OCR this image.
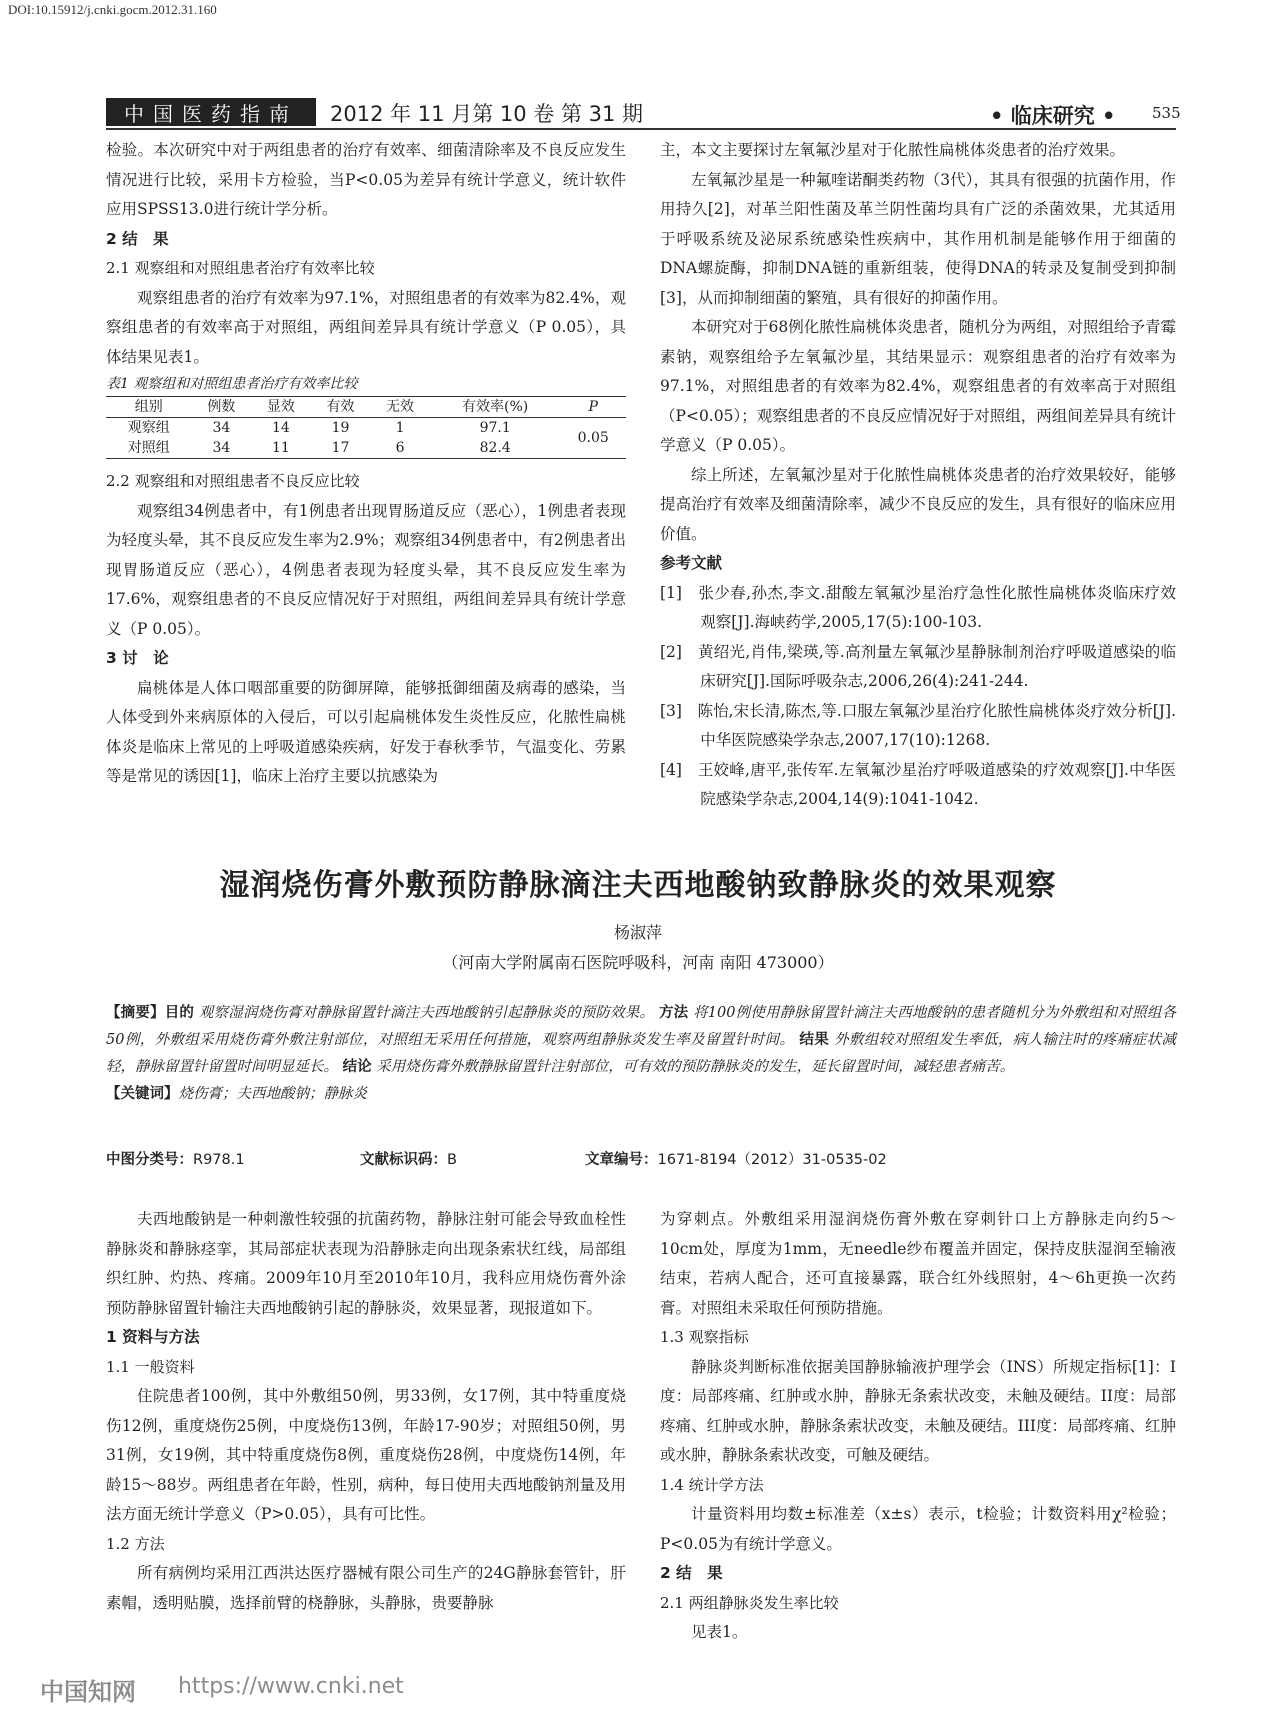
DOI:10.15912/j.cnki.gocm.2012.31.160
中国医药指南	2012 年 11 月第 10 卷 第 31 期	• 临床研究 • 535

检验。本次研究中对于两组患者的治疗有效率、细菌清除率及不良反应发生情况进行比较，采用卡方检验，当P<0.05为差异有统计学意义，统计软件应用SPSS13.0进行统计学分析。

2 结　果

2.1 观察组和对照组患者治疗有效率比较

观察组患者的治疗有效率为97.1%，对照组患者的有效率为82.4%，观察组患者的有效率高于对照组，两组间差异具有统计学意义（P 0.05），具体结果见表1。

表1 观察组和对照组患者治疗有效率比较

组别	例数	显效	有效	无效	有效率(%)	P
观察组	34	14	19	1	97.1	0.05
对照组	34	11	17	6	82.4	

2.2 观察组和对照组患者不良反应比较

观察组34例患者中，有1例患者出现胃肠道反应（恶心），1例患者表现为轻度头晕，其不良反应发生率为2.9%；观察组34例患者中，有2例患者出现胃肠道反应（恶心），4例患者表现为轻度头晕，其不良反应发生率为17.6%，观察组患者的不良反应情况好于对照组，两组间差异具有统计学意义（P 0.05）。

3 讨　论

扁桃体是人体口咽部重要的防御屏障，能够抵御细菌及病毒的感染，当人体受到外来病原体的入侵后，可以引起扁桃体发生炎性反应，化脓性扁桃体炎是临床上常见的上呼吸道感染疾病，好发于春秋季节，气温变化、劳累等是常见的诱因[1]，临床上治疗主要以抗感染为

主，本文主要探讨左氧氟沙星对于化脓性扁桃体炎患者的治疗效果。

左氧氟沙星是一种氟喹诺酮类药物（3代），其具有很强的抗菌作用，作用持久[2]，对革兰阳性菌及革兰阴性菌均具有广泛的杀菌效果，尤其适用于呼吸系统及泌尿系统感染性疾病中，其作用机制是能够作用于细菌的DNA螺旋酶，抑制DNA链的重新组装，使得DNA的转录及复制受到抑制[3]，从而抑制细菌的繁殖，具有很好的抑菌作用。

本研究对于68例化脓性扁桃体炎患者，随机分为两组，对照组给予青霉素钠，观察组给予左氧氟沙星，其结果显示：观察组患者的治疗有效率为97.1%，对照组患者的有效率为82.4%，观察组患者的有效率高于对照组（P<0.05）；观察组患者的不良反应情况好于对照组，两组间差异具有统计学意义（P 0.05）。

综上所述，左氧氟沙星对于化脓性扁桃体炎患者的治疗效果较好，能够提高治疗有效率及细菌清除率，减少不良反应的发生，具有很好的临床应用价值。

参考文献

[1]　张少春,孙杰,李文.甜酸左氧氟沙星治疗急性化脓性扁桃体炎临床疗效观察[J].海峡药学,2005,17(5):100-103.

[2]　黄绍光,肖伟,梁瑛,等.高剂量左氧氟沙星静脉制剂治疗呼吸道感染的临床研究[J].国际呼吸杂志,2006,26(4):241-244.

[3]　陈怡,宋长清,陈杰,等.口服左氧氟沙星治疗化脓性扁桃体炎疗效分析[J].中华医院感染学杂志,2007,17(10):1268.

[4]　王姣峰,唐平,张传军.左氧氟沙星治疗呼吸道感染的疗效观察[J].中华医院感染学杂志,2004,14(9):1041-1042.

湿润烧伤膏外敷预防静脉滴注夫西地酸钠致静脉炎的效果观察
杨淑萍
（河南大学附属南石医院呼吸科，河南 南阳 473000）

【摘要】目的 观察湿润烧伤膏对静脉留置针滴注夫西地酸钠引起静脉炎的预防效果。 方法 将100例使用静脉留置针滴注夫西地酸钠的患者随机分为外敷组和对照组各50例，外敷组采用烧伤膏外敷注射部位，对照组无采用任何措施，观察两组静脉炎发生率及留置针时间。 结果 外敷组较对照组发生率低，病人输注时的疼痛症状减轻，静脉留置针留置时间明显延长。 结论 采用烧伤膏外敷静脉留置针注射部位，可有效的预防静脉炎的发生，延长留置时间，减轻患者痛苦。

【关键词】烧伤膏；夫西地酸钠；静脉炎

中图分类号：R978.1	文献标识码：B	文章编号：1671-8194（2012）31-0535-02

夫西地酸钠是一种刺激性较强的抗菌药物，静脉注射可能会导致血栓性静脉炎和静脉痉挛，其局部症状表现为沿静脉走向出现条索状红线，局部组织红肿、灼热、疼痛。2009年10月至2010年10月，我科应用烧伤膏外涂预防静脉留置针输注夫西地酸钠引起的静脉炎，效果显著，现报道如下。

1 资料与方法

1.1 一般资料

住院患者100例，其中外敷组50例，男33例，女17例，其中特重度烧伤12例，重度烧伤25例，中度烧伤13例，年龄17-90岁；对照组50例，男31例，女19例，其中特重度烧伤8例，重度烧伤28例，中度烧伤14例，年龄15～88岁。两组患者在年龄，性别，病种，每日使用夫西地酸钠剂量及用法方面无统计学意义（P>0.05），具有可比性。

1.2 方法

所有病例均采用江西洪达医疗器械有限公司生产的24G静脉套管针，肝素帽，透明贴膜，选择前臂的桡静脉，头静脉，贵要静脉

为穿刺点。外敷组采用湿润烧伤膏外敷在穿刺针口上方静脉走向约5～10cm处，厚度为1mm，无needle纱布覆盖并固定，保持皮肤湿润至输液结束，若病人配合，还可直接暴露，联合红外线照射，4～6h更换一次药膏。对照组未采取任何预防措施。

1.3 观察指标

静脉炎判断标准依据美国静脉输液护理学会（INS）所规定指标[1]：I度：局部疼痛、红肿或水肿，静脉无条索状改变，未触及硬结。II度：局部疼痛、红肿或水肿，静脉条索状改变，未触及硬结。III度：局部疼痛、红肿或水肿，静脉条索状改变，可触及硬结。

1.4 统计学方法

计量资料用均数±标准差（x±s）表示，t检验；计数资料用χ²检验；P<0.05为有统计学意义。

2 结　果

2.1 两组静脉炎发生率比较

见表1。

中国知网 https://www.cnki.net
